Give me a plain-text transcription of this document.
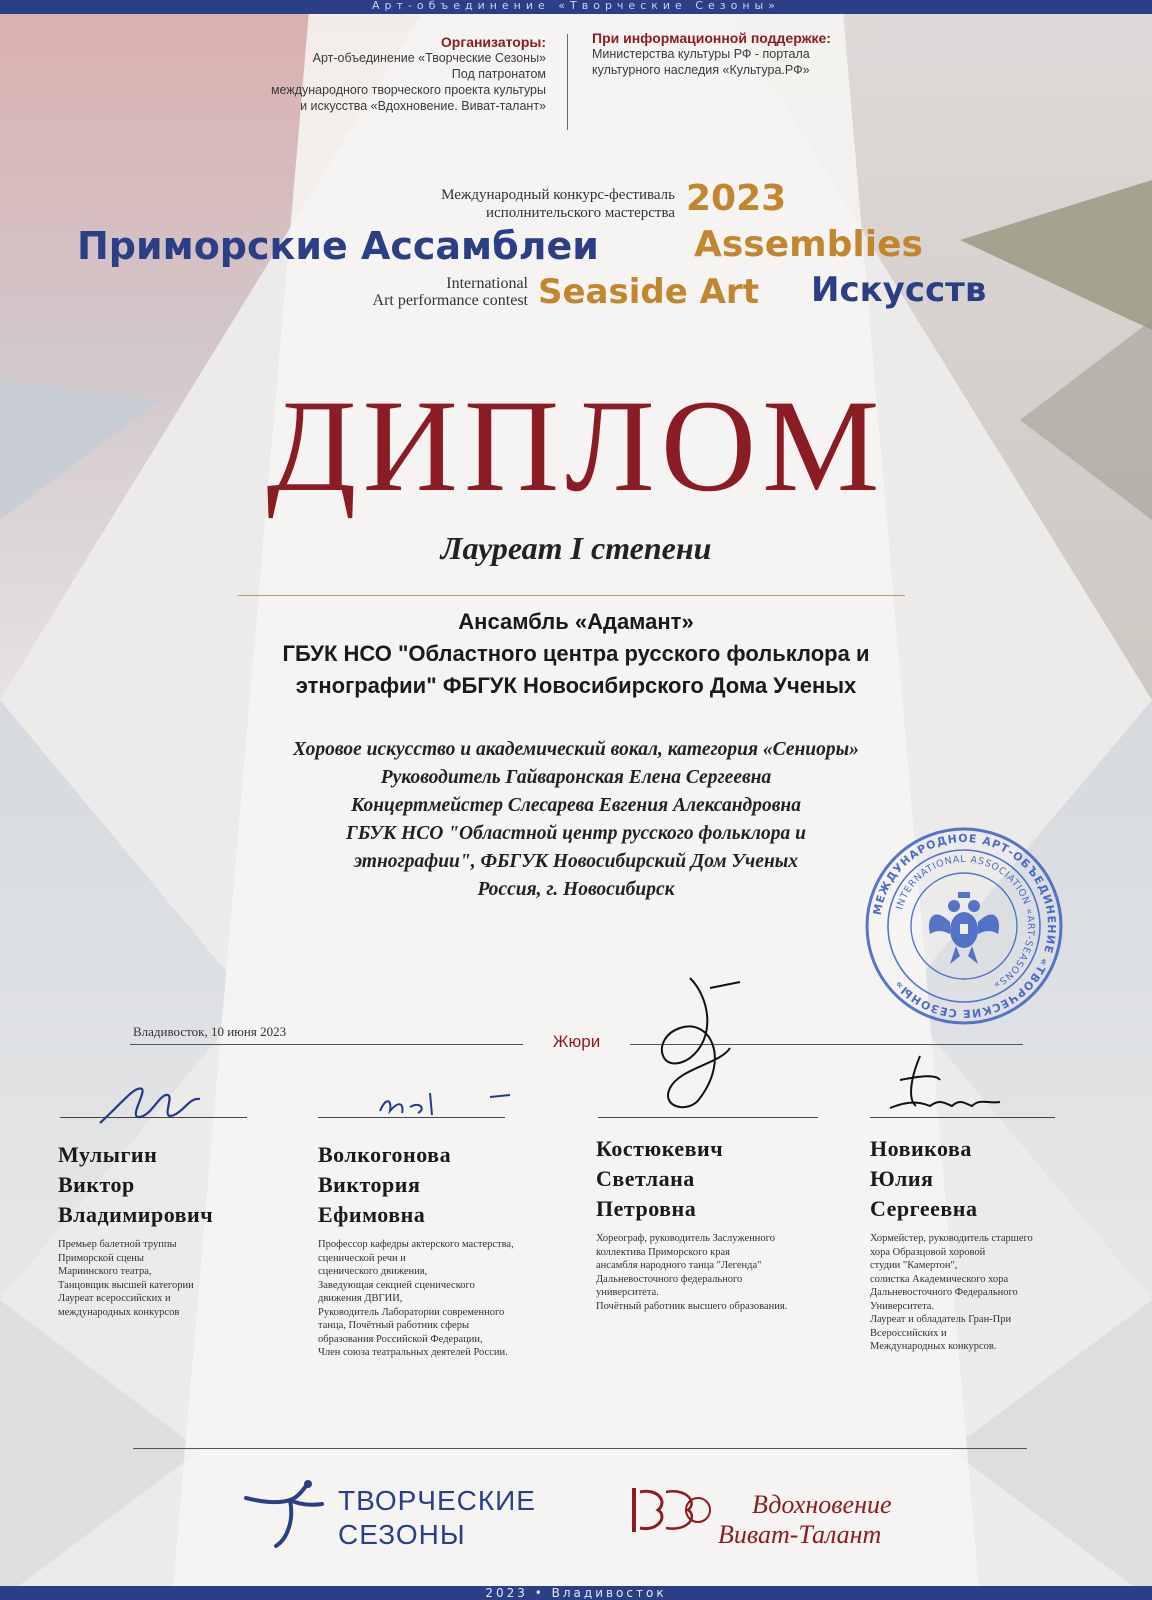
$^{Арт-объединение «Творческие Сезоны»}$
Организаторы:
Арт-объединение «Творческие Сезоны»
Под патронатом
международного творческого проекта культуры
и искусства «Вдохновение. Виват-талант»
При информационной поддержке:
Министерства культуры РФ - портала
культурного наследия «Культура.РФ»
Международный конкурс-фестиваль
исполнительского мастерства 2023
Приморские Ассамблеи	Assemblies
International
Art performance contest Seaside Art Искусств
ДИПЛОМ
Лауреат I степени
Ансамбль «Адамант»
ГБУК НСО "Областного центра русского фольклора и
этнографии" ФБГУК Новосибирского Дома Ученых
Хоровое искусство и академический вокал, категория «Сениоры»
Руководитель Гайваронская Елена Сергеевна
Концертмейстер Слесарева Евгения Александровна
ГБУК НСО "Областной центр русского фольклора и
этнографии", ФБГУК Новосибирский Дом Ученых
Россия, г. Новосибирск
МЕЖДУНАРОДНОЕ АРТ-ОБЪЕДИНЕНИЕ «ТВОРЧЕСКИЕ СЕЗОНЫ»
INTERNATIONAL ASSOCIATION «ART-SEASONS»
Владивосток, 10 июня 2023
Жюри
Мулыгин
Виктор
Владимирович
Премьер балетной труппы
Приморской сцены
Мариинского театра,
Танцовщик высшей категории
Лауреат всероссийских и
международных конкурсов
Волкогонова
Виктория
Ефимовна
Профессор кафедры актерского мастерства,
сценической речи и
сценического движения,
Заведующая секцией сценического
движения ДВГИИ,
Руководитель Лаборатории современного
танца, Почётный работник сферы
образования Российской Федерации,
Член союза театральных деятелей России.
Костюкевич
Светлана
Петровна
Хореограф, руководитель Заслуженного
коллектива Приморского края
ансамбля народного танца "Легенда"
Дальневосточного федерального
университета.
Почётный работник высшего образования.
Новикова
Юлия
Сергеевна
Хормейстер, руководитель старшего
хора Образцовой хоровой
студии "Камертон",
солистка Академического хора
Дальневосточного Федерального
Университета.
Лауреат и обладатель Гран-При
Всероссийских и
Международных конкурсов.
ТВОРЧЕСКИЕ
СЕЗОНЫ
Вдохновение
Виват-Талант
2023 • Владивосток
